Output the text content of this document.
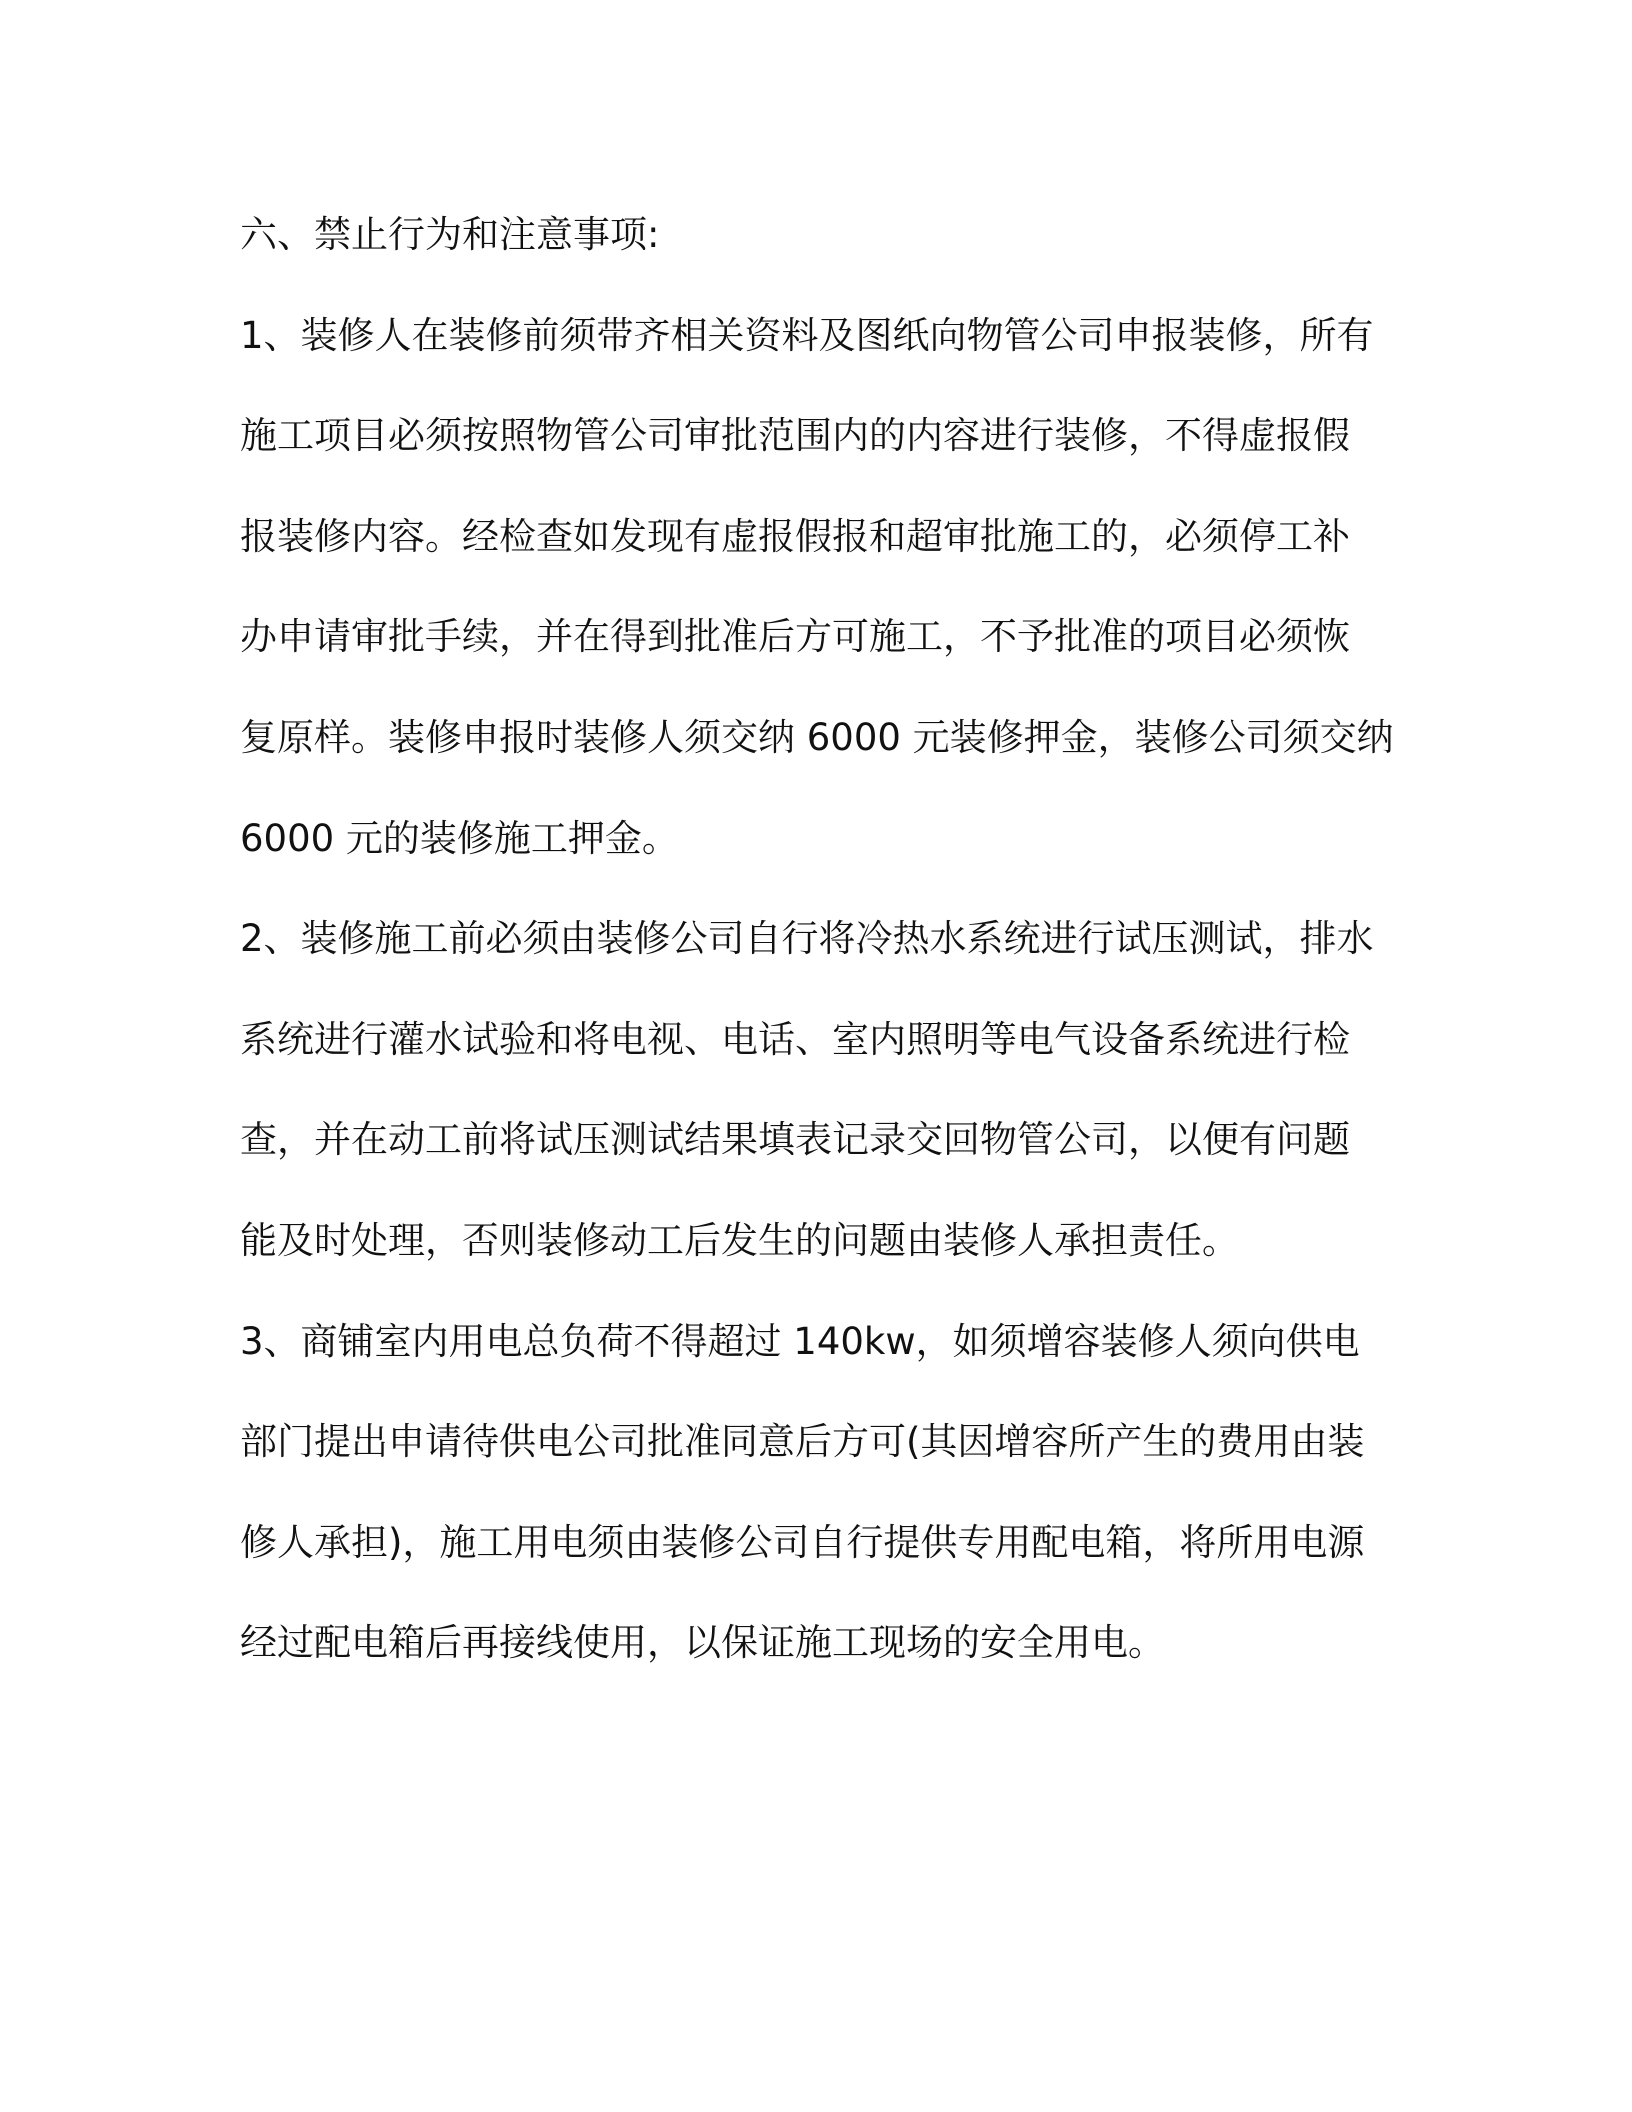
六、禁止行为和注意事项:
1、装修人在装修前须带齐相关资料及图纸向物管公司申报装修，所有
施工项目必须按照物管公司审批范围内的内容进行装修，不得虚报假
报装修内容。经检查如发现有虚报假报和超审批施工的，必须停工补
办申请审批手续，并在得到批准后方可施工，不予批准的项目必须恢
复原样。装修申报时装修人须交纳 6000 元装修押金，装修公司须交纳
6000 元的装修施工押金。
2、装修施工前必须由装修公司自行将冷热水系统进行试压测试，排水
系统进行灌水试验和将电视、电话、室内照明等电气设备系统进行检
查，并在动工前将试压测试结果填表记录交回物管公司，以便有问题
能及时处理，否则装修动工后发生的问题由装修人承担责任。
3、商铺室内用电总负荷不得超过 140kw，如须增容装修人须向供电
部门提出申请待供电公司批准同意后方可(其因增容所产生的费用由装
修人承担)，施工用电须由装修公司自行提供专用配电箱，将所用电源
经过配电箱后再接线使用，以保证施工现场的安全用电。
